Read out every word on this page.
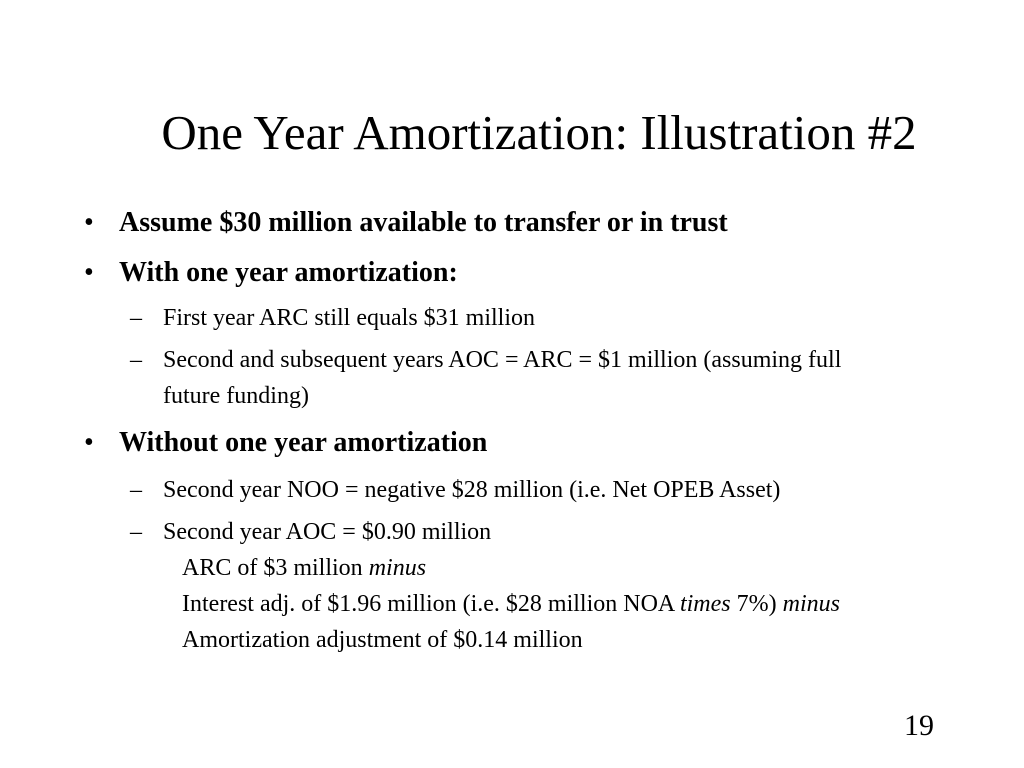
One Year Amortization: Illustration #2
• Assume $30 million available to transfer or in trust
• With one year amortization:
– First year ARC still equals $31 million
– Second and subsequent years AOC = ARC = $1 million (assuming full
future funding)
• Without one year amortization
– Second year NOO = negative $28 million (i.e. Net OPEB Asset)
– Second year AOC = $0.90 million
ARC of $3 million minus
Interest adj. of $1.96 million (i.e. $28 million NOA times 7%) minus
Amortization adjustment of $0.14 million
19
